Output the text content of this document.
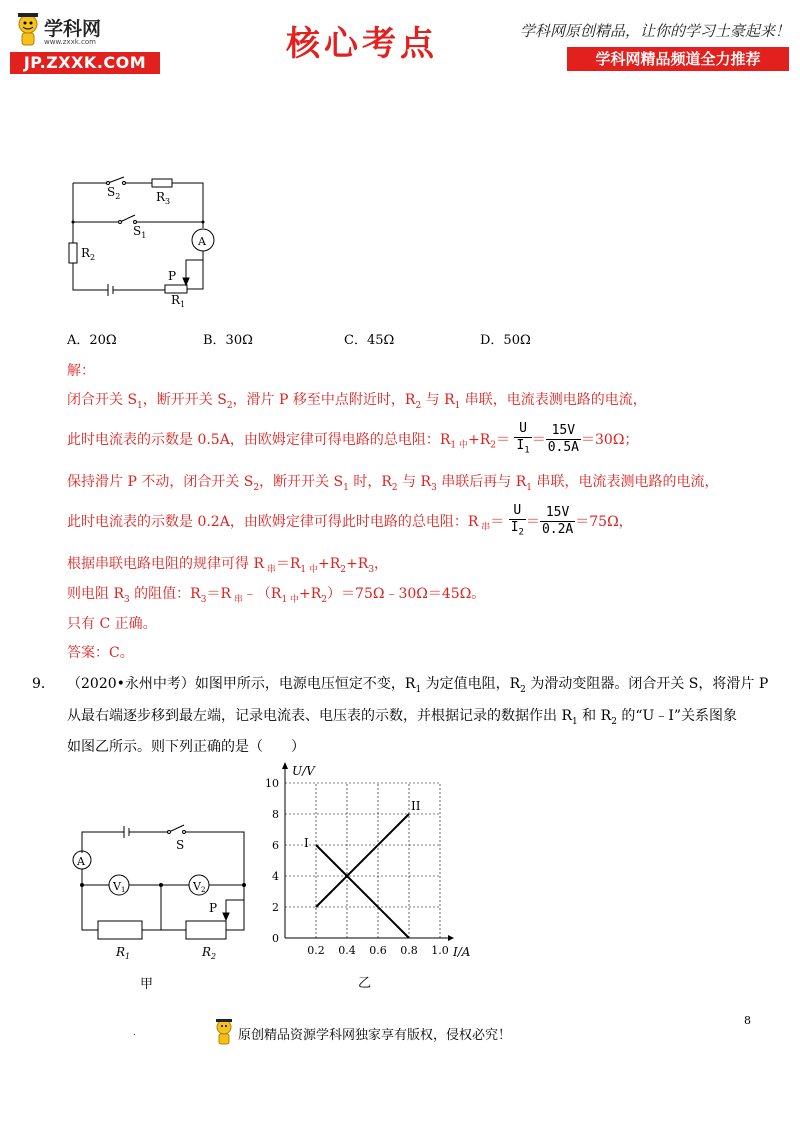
学科网
www.zxxk.com
JP.ZXXK.COM	核心考点	学科网原创精品，让你的学习土豪起来！
学科网精品频道全力推荐
$S_2$	$R_3$
$S_1$	A
$R_2$
P
$R_1$
A．20Ω	B．30Ω	C．45Ω	D．50Ω
解：
闭合开关 $S_1$，断开开关 $S_2$，滑片 P 移至中点附近时，$R_2$ 与 $R_1$ 串联，电流表测电路的电流，
此时电流表的示数是 0.5A，由欧姆定律可得电路的总电阻：$R_{1 中}+R_2= \frac{U}{I_1} = \frac{15V}{0.5A} =30\Omega$；
保持滑片 P 不动，闭合开关 $S_2$，断开开关 $S_1$ 时，$R_2$ 与 $R_3$ 串联后再与 $R_1$ 串联，电流表测电路的电流，
此时电流表的示数是 0.2A，由欧姆定律可得此时电路的总电阻：R $_串= \frac{U}{I_2} = \frac{15V}{0.2A} =75\Omega$，
根据串联电路电阻的规律可得 R $_串=R_{1 中}+R_2+R_3$，
则电阻 $R_3$ 的阻值：$R_3=R$ $_串﹣(R_{1 中}+R_2)=75\Omega﹣30\Omega=45\Omega$。
只有 C 正确。
答案：C。
9． （2020•永州中考）如图甲所示，电源电压恒定不变，$R_1$ 为定值电阻，$R_2$ 为滑动变阻器。闭合开关 S，将滑片 P
从最右端逐步移到最左端，记录电流表、电压表的示数，并根据记录的数据作出 $R_1$ 和 $R_2$ 的“U﹣I”关系图象
如图乙所示。则下列正确的是（　　）
S
A
V1	V2
P
$R_1$	$R_2$
甲
0
2
4
6
8
10
0.2 0.4 0.6 0.8 1.0
I
II
U/V
I/A
乙
.	原创精品资源学科网独家享有版权，侵权必究！
8
